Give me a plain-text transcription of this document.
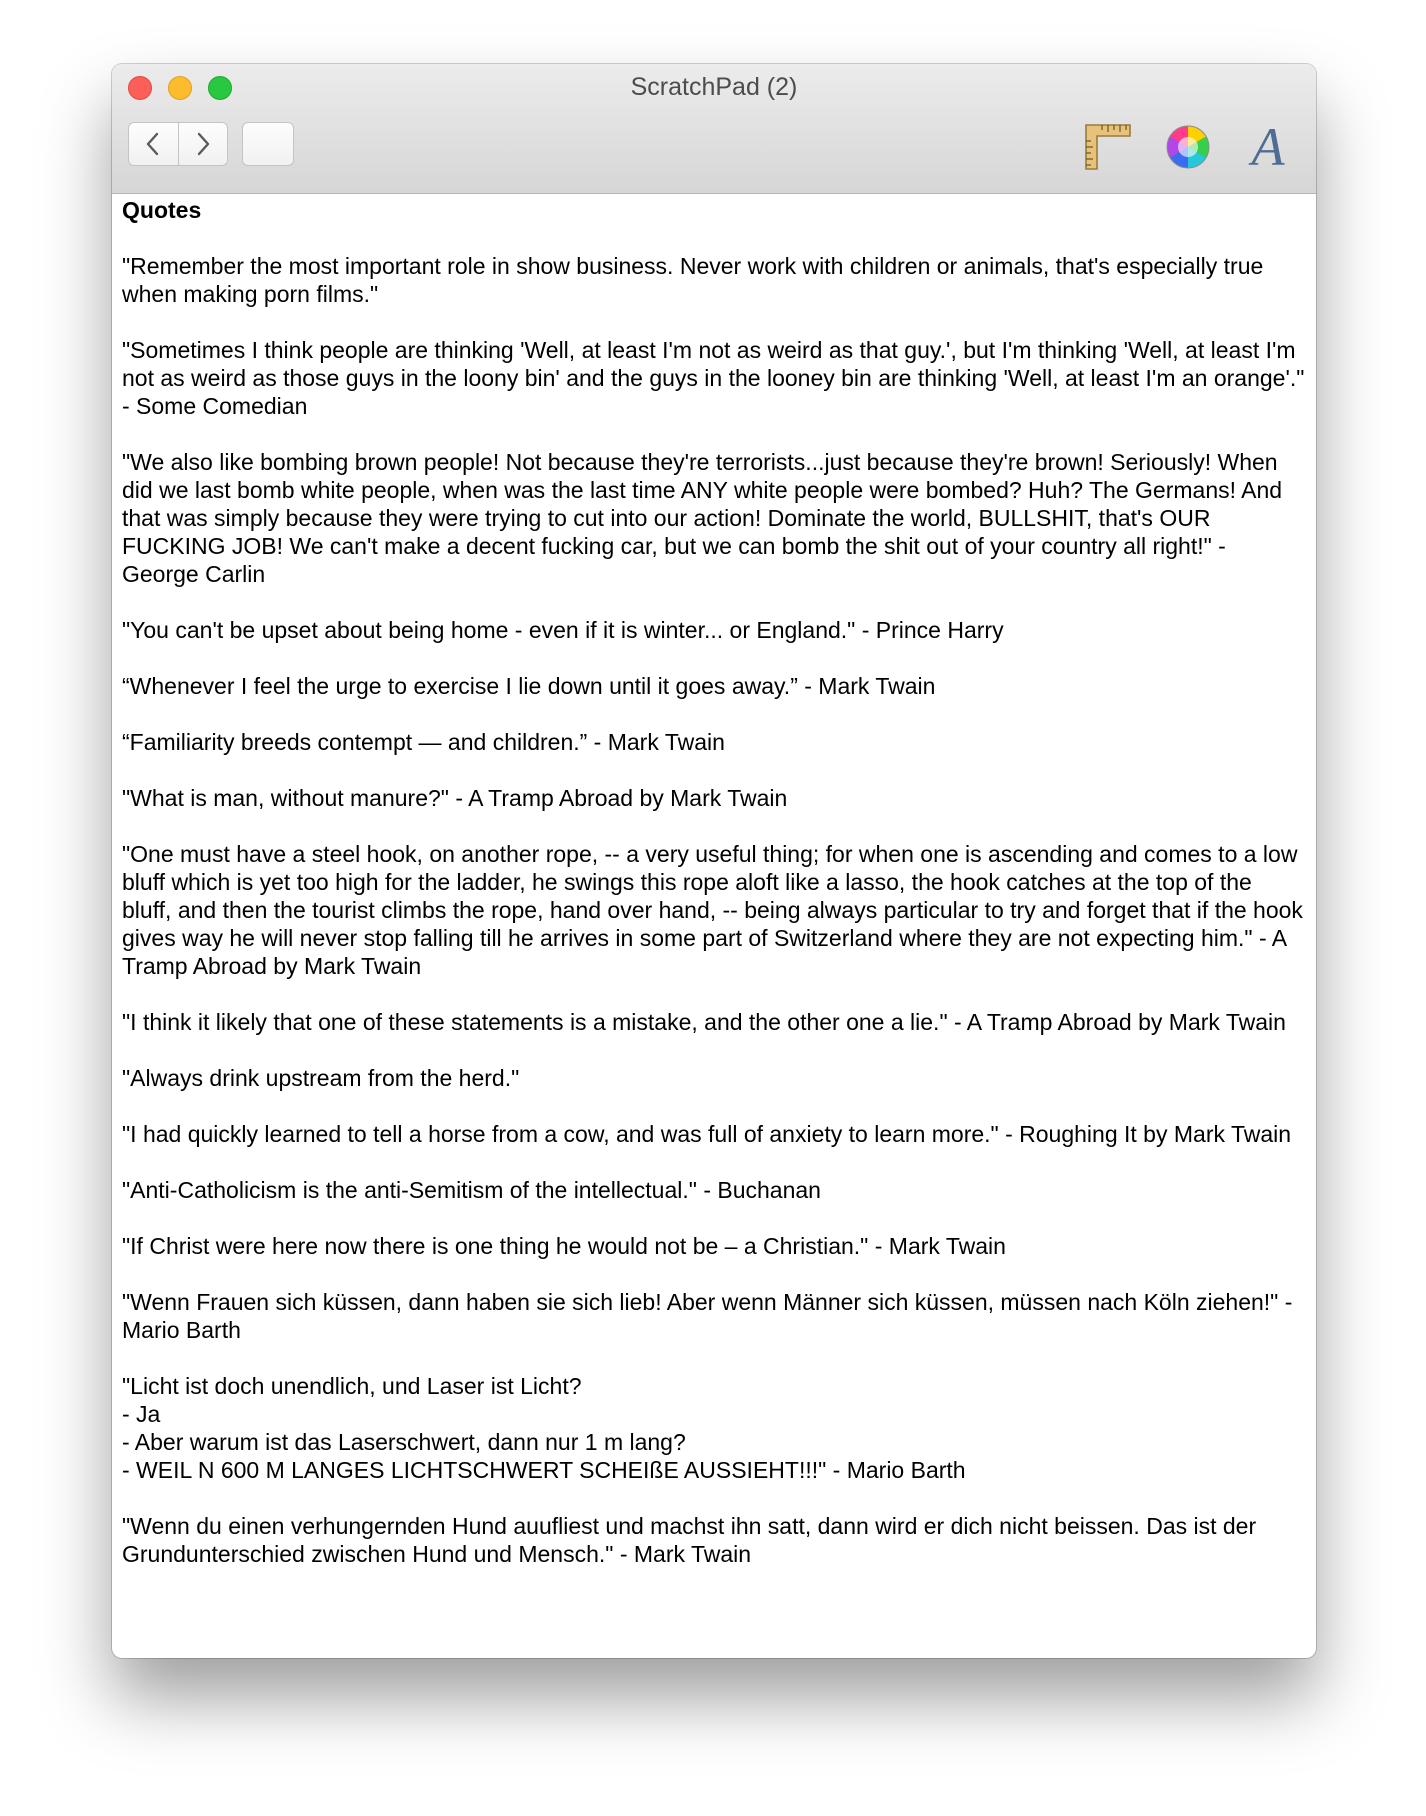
ScratchPad (2)
A
Quotes
"Remember the most important role in show business. Never work with children or animals, that's especially true when making porn films."
"Sometimes I think people are thinking 'Well, at least I'm not as weird as that guy.', but I'm thinking 'Well, at least I'm not as weird as those guys in the loony bin' and the guys in the looney bin are thinking 'Well, at least I'm an orange'." - Some Comedian
"We also like bombing brown people! Not because they're terrorists...just because they're brown! Seriously! When did we last bomb white people, when was the last time ANY white people were bombed? Huh? The Germans! And that was simply because they were trying to cut into our action! Dominate the world, BULLSHIT, that's OUR FUCKING JOB! We can't make a decent fucking car, but we can bomb the shit out of your country all right!" - George Carlin
"You can't be upset about being home - even if it is winter... or England." - Prince Harry
“Whenever I feel the urge to exercise I lie down until it goes away.” - Mark Twain
“Familiarity breeds contempt — and children.” - Mark Twain
"What is man, without manure?" - A Tramp Abroad by Mark Twain
"One must have a steel hook, on another rope, -- a very useful thing; for when one is ascending and comes to a low bluff which is yet too high for the ladder, he swings this rope aloft like a lasso, the hook catches at the top of the bluff, and then the tourist climbs the rope, hand over hand, -- being always particular to try and forget that if the hook gives way he will never stop falling till he arrives in some part of Switzerland where they are not expecting him." - A Tramp Abroad by Mark Twain
"I think it likely that one of these statements is a mistake, and the other one a lie." - A Tramp Abroad by Mark Twain
"Always drink upstream from the herd."
"I had quickly learned to tell a horse from a cow, and was full of anxiety to learn more." - Roughing It by Mark Twain
"Anti-Catholicism is the anti-Semitism of the intellectual." - Buchanan
"If Christ were here now there is one thing he would not be – a Christian." - Mark Twain
"Wenn Frauen sich küssen, dann haben sie sich lieb! Aber wenn Männer sich küssen, müssen nach Köln ziehen!" - Mario Barth
"Licht ist doch unendlich, und Laser ist Licht?
- Ja
- Aber warum ist das Laserschwert, dann nur 1 m lang?
- WEIL N 600 M LANGES LICHTSCHWERT SCHEIßE AUSSIEHT!!!" - Mario Barth
"Wenn du einen verhungernden Hund auufliest und machst ihn satt, dann wird er dich nicht beissen. Das ist der Grundunterschied zwischen Hund und Mensch." - Mark Twain
